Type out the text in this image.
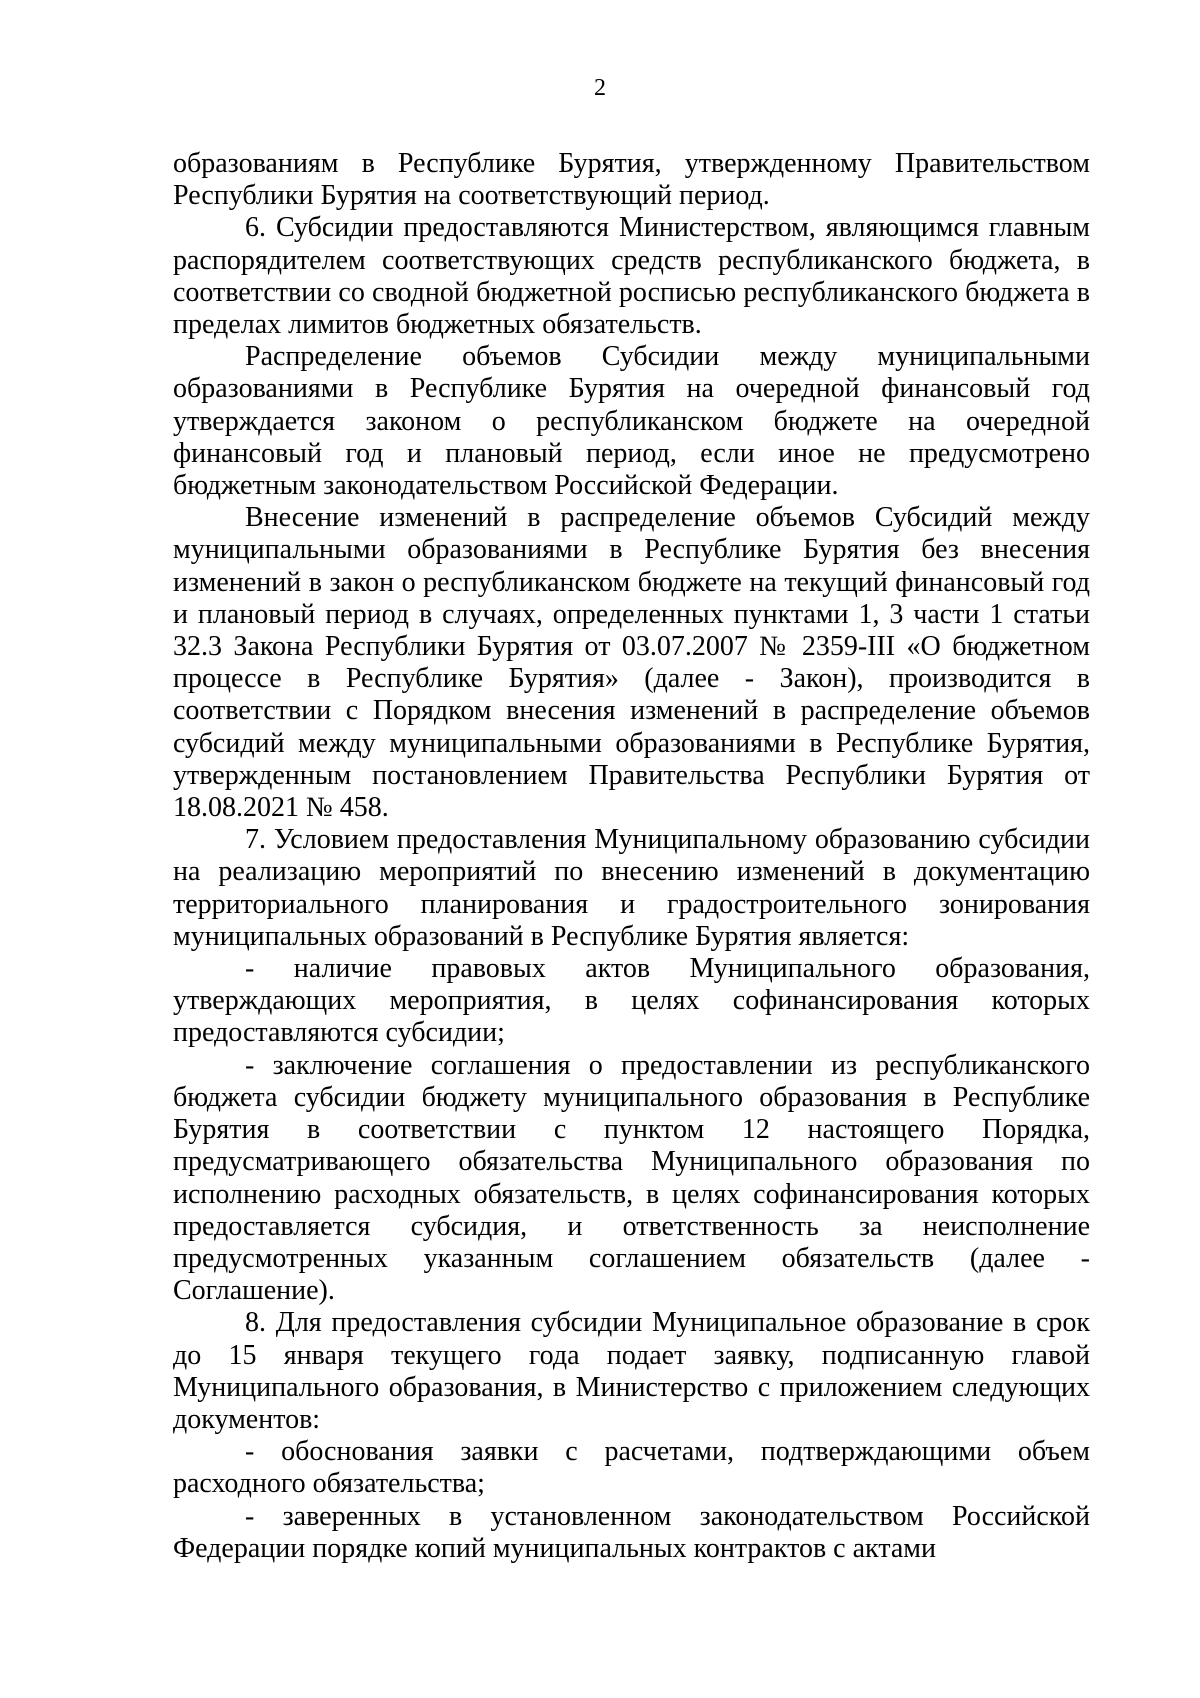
2

образованиям в Республике Бурятия, утвержденному Правительством Республики Бурятия на соответствующий период.

6. Субсидии предоставляются Министерством, являющимся главным распорядителем соответствующих средств республиканского бюджета, в соответствии со сводной бюджетной росписью республиканского бюджета в пределах лимитов бюджетных обязательств.

Распределение объемов Субсидии между муниципальными образованиями в Республике Бурятия на очередной финансовый год утверждается законом о республиканском бюджете на очередной финансовый год и плановый период, если иное не предусмотрено бюджетным законодательством Российской Федерации.

Внесение изменений в распределение объемов Субсидий между муниципальными образованиями в Республике Бурятия без внесения изменений в закон о республиканском бюджете на текущий финансовый год и плановый период в случаях, определенных пунктами 1, 3 части 1 статьи 32.3 Закона Республики Бурятия от 03.07.2007 № 2359-III «О бюджетном процессе в Республике Бурятия» (далее - Закон), производится в соответствии с Порядком внесения изменений в распределение объемов субсидий между муниципальными образованиями в Республике Бурятия, утвержденным постановлением Правительства Республики Бурятия от 18.08.2021 № 458.

7. Условием предоставления Муниципальному образованию субсидии на реализацию мероприятий по внесению изменений в документацию территориального планирования и градостроительного зонирования муниципальных образований в Республике Бурятия является:

- наличие правовых актов Муниципального образования, утверждающих мероприятия, в целях софинансирования которых предоставляются субсидии;

- заключение соглашения о предоставлении из республиканского бюджета субсидии бюджету муниципального образования в Республике Бурятия в соответствии с пунктом 12 настоящего Порядка, предусматривающего обязательства Муниципального образования по исполнению расходных обязательств, в целях софинансирования которых предоставляется субсидия, и ответственность за неисполнение предусмотренных указанным соглашением обязательств (далее - Соглашение).

8. Для предоставления субсидии Муниципальное образование в срок до 15 января текущего года подает заявку, подписанную главой Муниципального образования, в Министерство с приложением следующих документов:

- обоснования заявки с расчетами, подтверждающими объем расходного обязательства;

- заверенных в установленном законодательством Российской Федерации порядке копий муниципальных контрактов с актами
